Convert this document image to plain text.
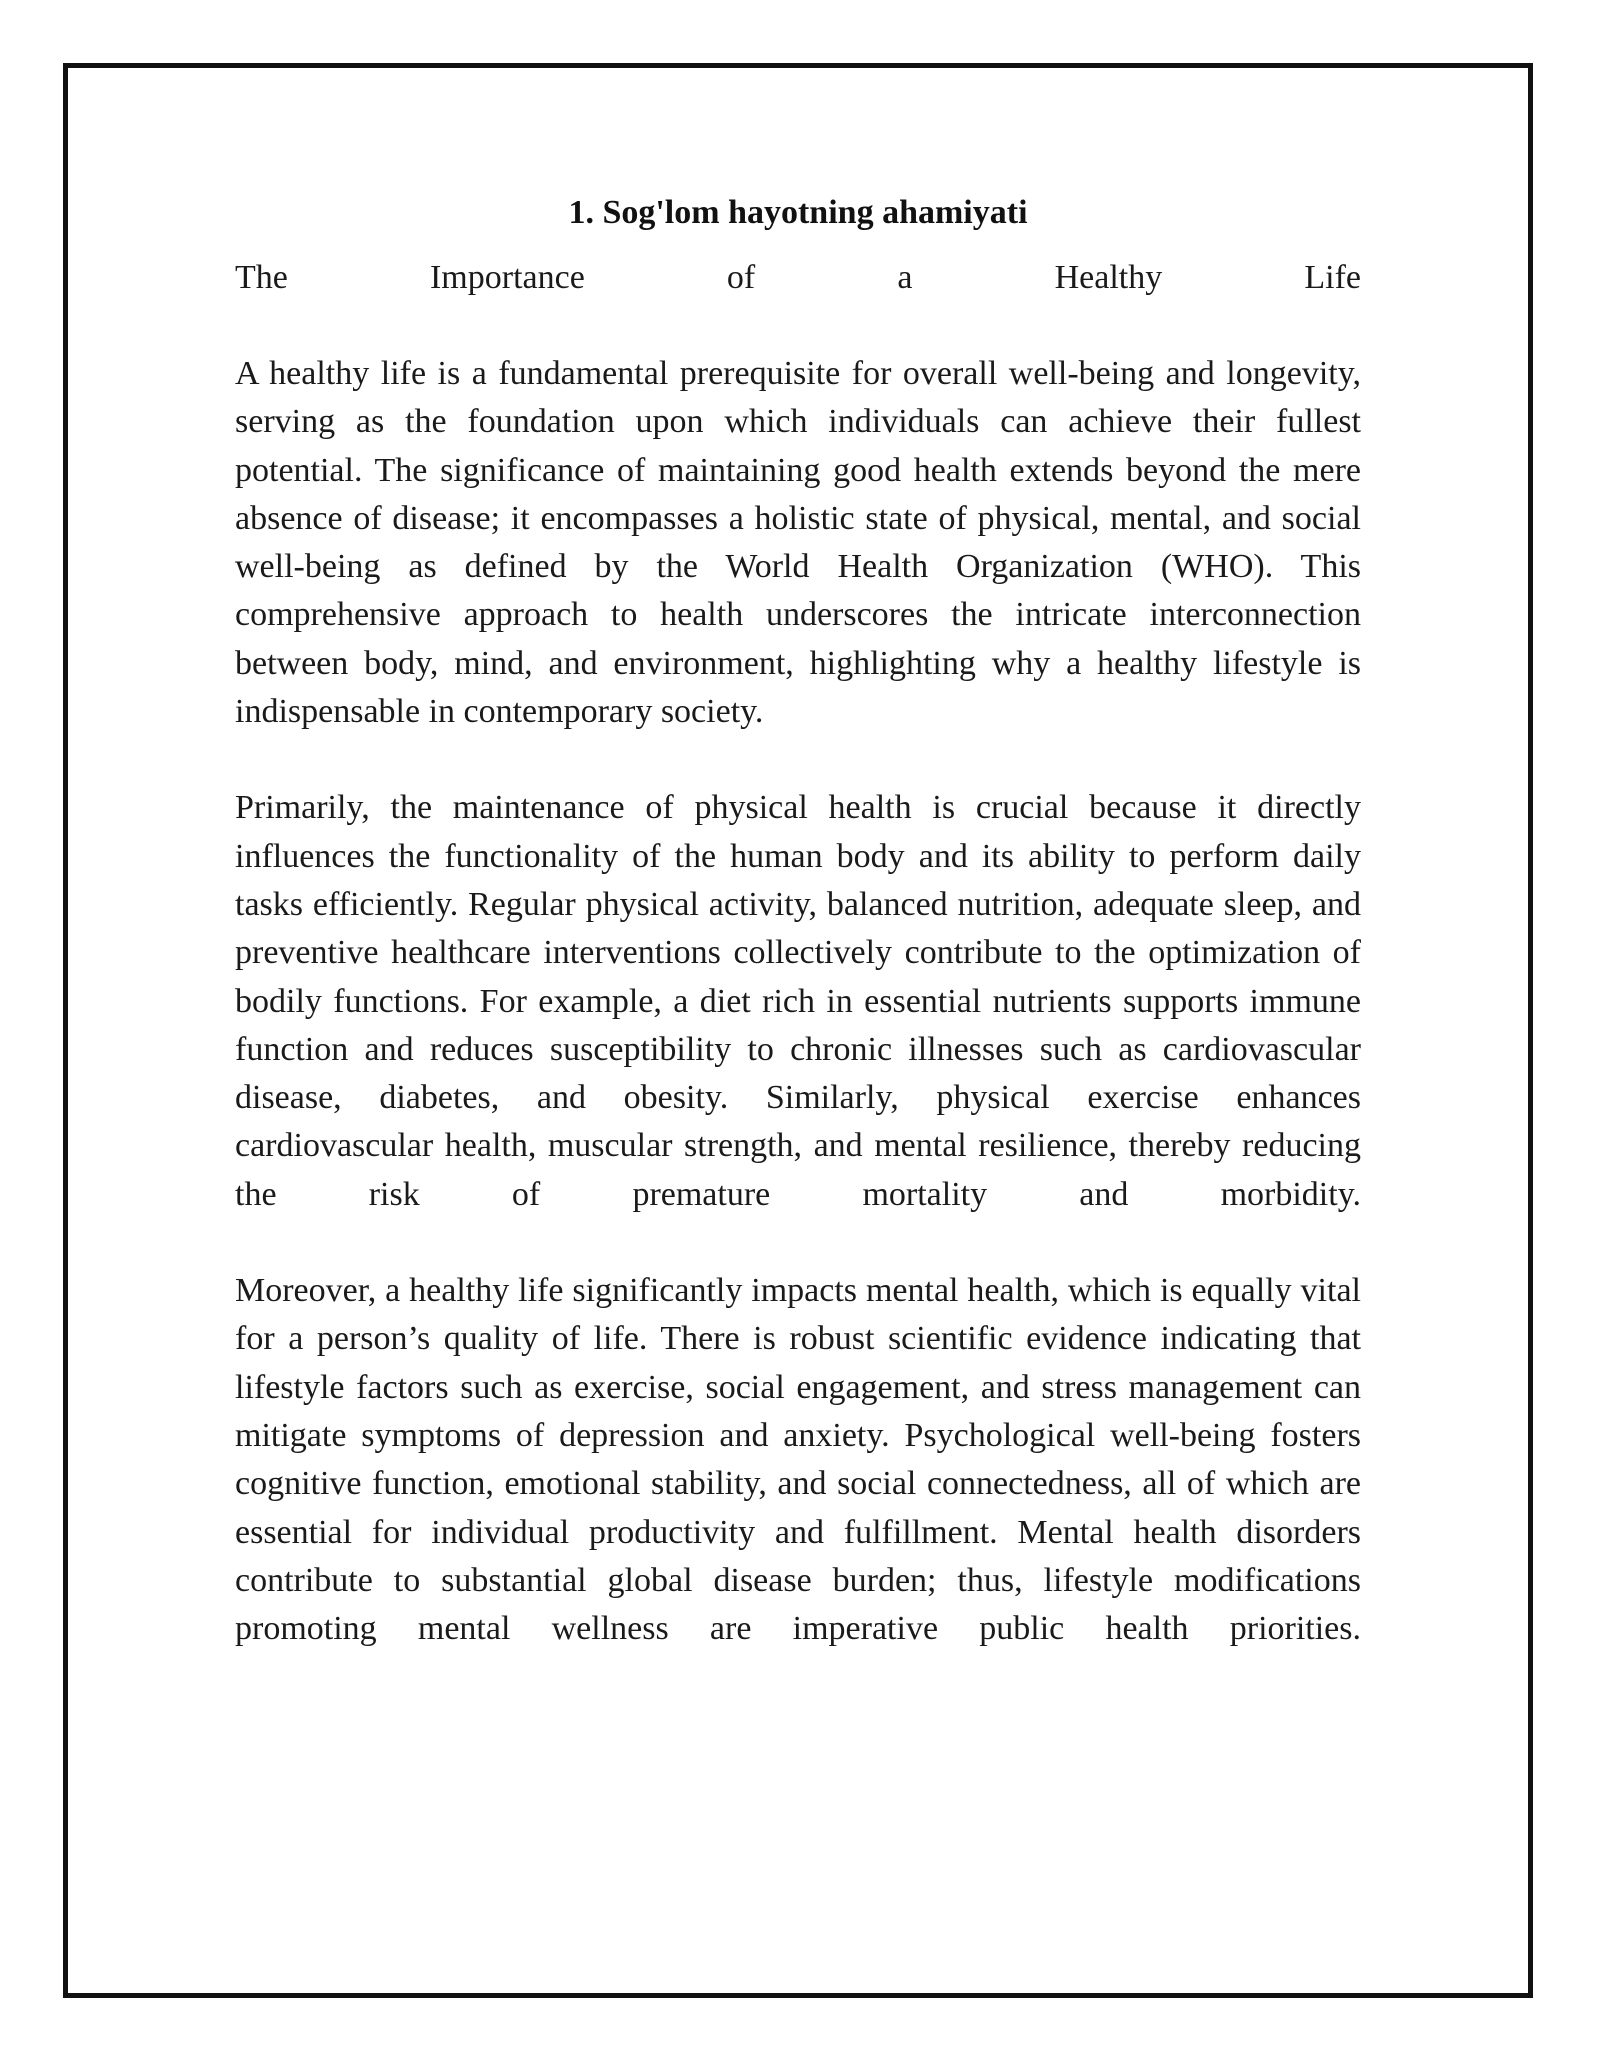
1. Sog'lom hayotning ahamiyati
The	Importance	of	a	Healthy	Life

A healthy life is a fundamental prerequisite for overall well-being and longevity, serving as the foundation upon which individuals can achieve their fullest potential. The significance of maintaining good health extends beyond the mere absence of disease; it encompasses a holistic state of physical, mental, and social well-being as defined by the World Health Organization (WHO). This comprehensive approach to health underscores the intricate interconnection between body, mind, and environment, highlighting why a healthy lifestyle is indispensable in contemporary society.

Primarily, the maintenance of physical health is crucial because it directly influences the functionality of the human body and its ability to perform daily tasks efficiently. Regular physical activity, balanced nutrition, adequate sleep, and preventive healthcare interventions collectively contribute to the optimization of bodily functions. For example, a diet rich in essential nutrients supports immune function and reduces susceptibility to chronic illnesses such as cardiovascular disease, diabetes, and obesity. Similarly, physical exercise enhances cardiovascular health, muscular strength, and mental resilience, thereby reducing the risk of premature mortality and morbidity.

Moreover, a healthy life significantly impacts mental health, which is equally vital for a person’s quality of life. There is robust scientific evidence indicating that lifestyle factors such as exercise, social engagement, and stress management can mitigate symptoms of depression and anxiety. Psychological well-being fosters cognitive function, emotional stability, and social connectedness, all of which are essential for individual productivity and fulfillment. Mental health disorders contribute to substantial global disease burden; thus, lifestyle modifications promoting mental wellness are imperative public health priorities.
